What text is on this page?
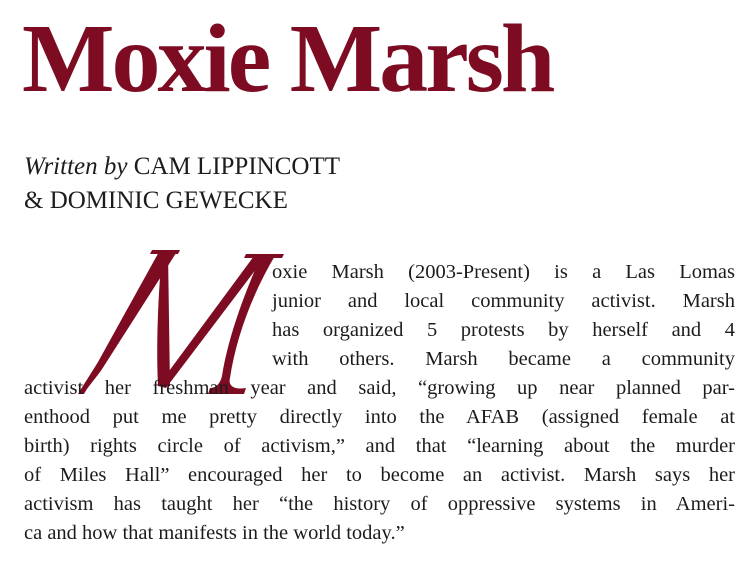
Moxie Marsh
Written by CAM LIPPINCOTT
& DOMINIC GEWECKE
oxie Marsh (2003-Present) is a Las Lomas
junior and local community activist. Marsh
has organized 5 protests by herself and 4
with others. Marsh became a community
activist her freshman year and said, “growing up near planned par-
enthood put me pretty directly into the AFAB (assigned female at
birth) rights circle of activism,” and that “learning about the murder
of Miles Hall” encouraged her to become an activist. Marsh says her
activism has taught her “the history of oppressive systems in Ameri-
ca and how that manifests in the world today.”
